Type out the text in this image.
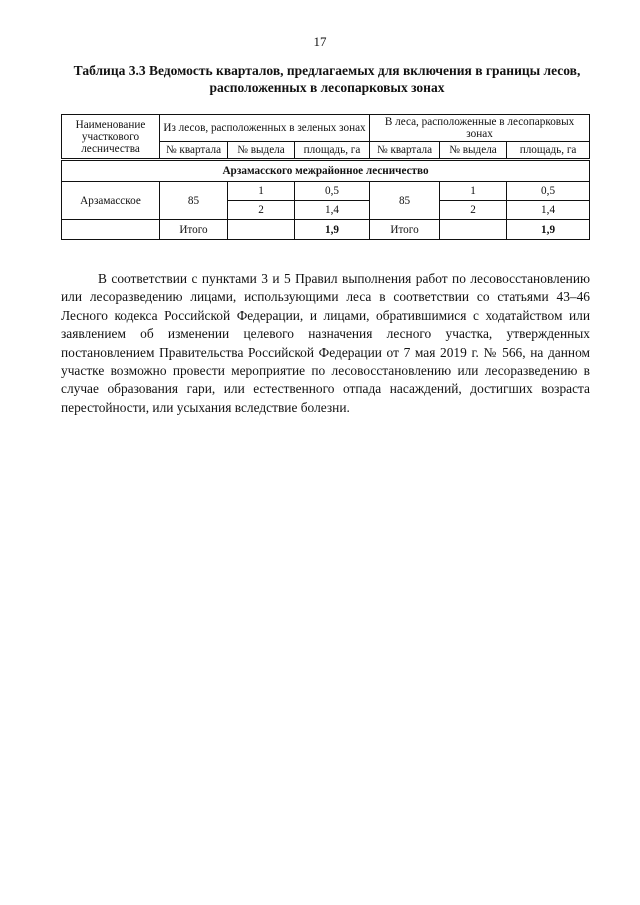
17
Таблица 3.3 Ведомость кварталов, предлагаемых для включения в границы лесов, расположенных в лесопарковых зонах
Наименование участкового лесничества	Из лесов, расположенных в зеленых зонах			В леса, расположенные в лесопарковых зонах		
	№ квартала	№ выдела	площадь, га	№ квартала	№ выдела	площадь, га
Арзамасского межрайонное лесничество						
Арзамасское	85	1	0,5	85	1	0,5
		2	1,4		2	1,4
	Итого		1,9	Итого		1,9

В соответствии с пунктами 3 и 5 Правил выполнения работ по лесовосстановлению или лесоразведению лицами, использующими леса в соответствии со статьями 43–46 Лесного кодекса Российской Федерации, и лицами, обратившимися с ходатайством или заявлением об изменении целевого назначения лесного участка, утвержденных постановлением Правительства Российской Федерации от 7 мая 2019 г. № 566, на данном участке возможно провести мероприятие по лесовосстановлению или лесоразведению в случае образования гари, или естественного отпада насаждений, достигших возраста перестойности, или усыхания вследствие болезни.
